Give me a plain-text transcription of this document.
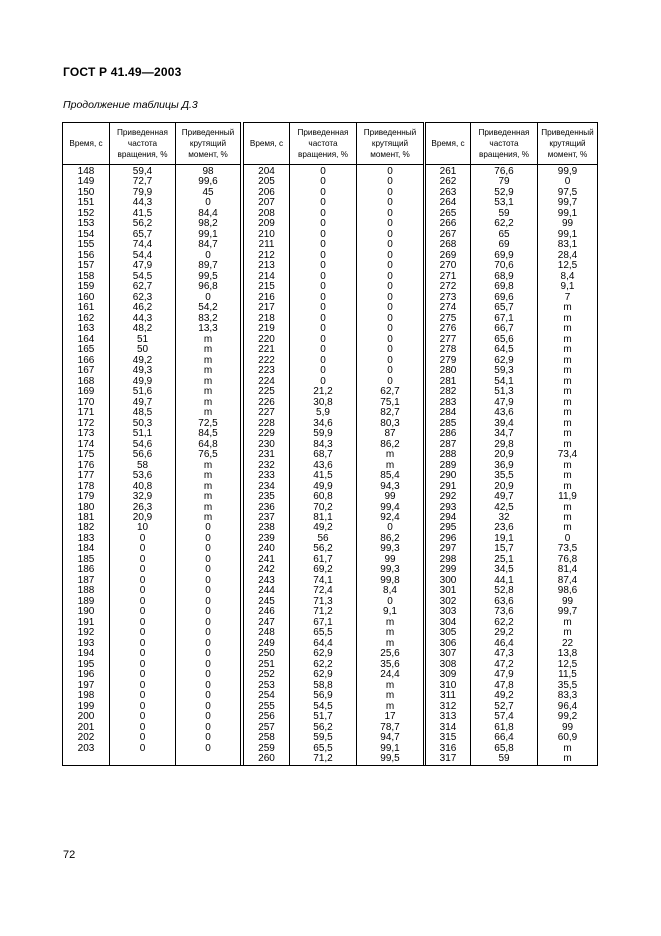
ГОСТ Р 41.49—2003
Продолжение таблицы Д.3
Время, с	Приведенная частота вращения, %	Приведенный крутящий момент, %		Время, с	Приведенная частота вращения, %	Приведенный крутящий момент, %		Время, с	Приведенная частота вращения, %	Приведенный крутящий момент, %
148	59,4	98		204	0	0		261	76,6	99,9
149	72,7	99,6		205	0	0		262	79	0
150	79,9	45		206	0	0		263	52,9	97,5
151	44,3	0		207	0	0		264	53,1	99,7
152	41,5	84,4		208	0	0		265	59	99,1
153	56,2	98,2		209	0	0		266	62,2	99
154	65,7	99,1		210	0	0		267	65	99,1
155	74,4	84,7		211	0	0		268	69	83,1
156	54,4	0		212	0	0		269	69,9	28,4
157	47,9	89,7		213	0	0		270	70,6	12,5
158	54,5	99,5		214	0	0		271	68,9	8,4
159	62,7	96,8		215	0	0		272	69,8	9,1
160	62,3	0		216	0	0		273	69,6	7
161	46,2	54,2		217	0	0		274	65,7	m
162	44,3	83,2		218	0	0		275	67,1	m
163	48,2	13,3		219	0	0		276	66,7	m
164	51	m		220	0	0		277	65,6	m
165	50	m		221	0	0		278	64,5	m
166	49,2	m		222	0	0		279	62,9	m
167	49,3	m		223	0	0		280	59,3	m
168	49,9	m		224	0	0		281	54,1	m
169	51,6	m		225	21,2	62,7		282	51,3	m
170	49,7	m		226	30,8	75,1		283	47,9	m
171	48,5	m		227	5,9	82,7		284	43,6	m
172	50,3	72,5		228	34,6	80,3		285	39,4	m
173	51,1	84,5		229	59,9	87		286	34,7	m
174	54,6	64,8		230	84,3	86,2		287	29,8	m
175	56,6	76,5		231	68,7	m		288	20,9	73,4
176	58	m		232	43,6	m		289	36,9	m
177	53,6	m		233	41,5	85,4		290	35,5	m
178	40,8	m		234	49,9	94,3		291	20,9	m
179	32,9	m		235	60,8	99		292	49,7	11,9
180	26,3	m		236	70,2	99,4		293	42,5	m
181	20,9	m		237	81,1	92,4		294	32	m
182	10	0		238	49,2	0		295	23,6	m
183	0	0		239	56	86,2		296	19,1	0
184	0	0		240	56,2	99,3		297	15,7	73,5
185	0	0		241	61,7	99		298	25,1	76,8
186	0	0		242	69,2	99,3		299	34,5	81,4
187	0	0		243	74,1	99,8		300	44,1	87,4
188	0	0		244	72,4	8,4		301	52,8	98,6
189	0	0		245	71,3	0		302	63,6	99
190	0	0		246	71,2	9,1		303	73,6	99,7
191	0	0		247	67,1	m		304	62,2	m
192	0	0		248	65,5	m		305	29,2	m
193	0	0		249	64,4	m		306	46,4	22
194	0	0		250	62,9	25,6		307	47,3	13,8
195	0	0		251	62,2	35,6		308	47,2	12,5
196	0	0		252	62,9	24,4		309	47,9	11,5
197	0	0		253	58,8	m		310	47,8	35,5
198	0	0		254	56,9	m		311	49,2	83,3
199	0	0		255	54,5	m		312	52,7	96,4
200	0	0		256	51,7	17		313	57,4	99,2
201	0	0		257	56,2	78,7		314	61,8	99
202	0	0		258	59,5	94,7		315	66,4	60,9
203	0	0		259	65,5	99,1		316	65,8	m
				260	71,2	99,5		317	59	m
72
